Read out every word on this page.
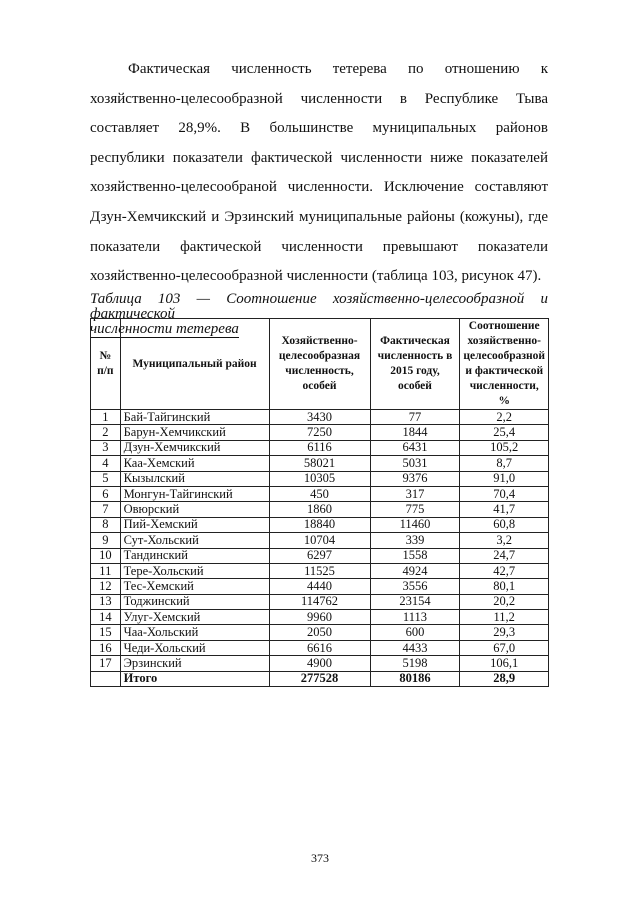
Фактическая численность тетерева по отношению к хозяйственно-целесообразной численности в Республике Тыва составляет 28,9%. В большинстве муниципальных районов республики показатели фактической численности ниже показателей хозяйственно-целесообраной численности. Исключение составляют Дзун-Хемчикский и Эрзинский муниципальные районы (кожуны), где показатели фактической численности превышают показатели хозяйственно-целесообразной численности (таблица 103, рисунок 47).

Таблица 103 — Соотношение хозяйственно-целесообразной и фактической
численности тетерева

№ п/п	Муниципальный район	Хозяйственно-целесообразная численность, особей	Фактическая численность в 2015 году, особей	Соотношение хозяйственно-целесообразной и фактической численности, %
1	Бай-Тайгинский	3430	77	2,2
2	Барун-Хемчикский	7250	1844	25,4
3	Дзун-Хемчикский	6116	6431	105,2
4	Каа-Хемский	58021	5031	8,7
5	Кызылский	10305	9376	91,0
6	Монгун-Тайгинский	450	317	70,4
7	Овюрский	1860	775	41,7
8	Пий-Хемский	18840	11460	60,8
9	Сут-Хольский	10704	339	3,2
10	Тандинский	6297	1558	24,7
11	Тере-Хольский	11525	4924	42,7
12	Тес-Хемский	4440	3556	80,1
13	Тоджинский	114762	23154	20,2
14	Улуг-Хемский	9960	1113	11,2
15	Чаа-Хольский	2050	600	29,3
16	Чеди-Хольский	6616	4433	67,0
17	Эрзинский	4900	5198	106,1
	Итого	277528	80186	28,9
373
